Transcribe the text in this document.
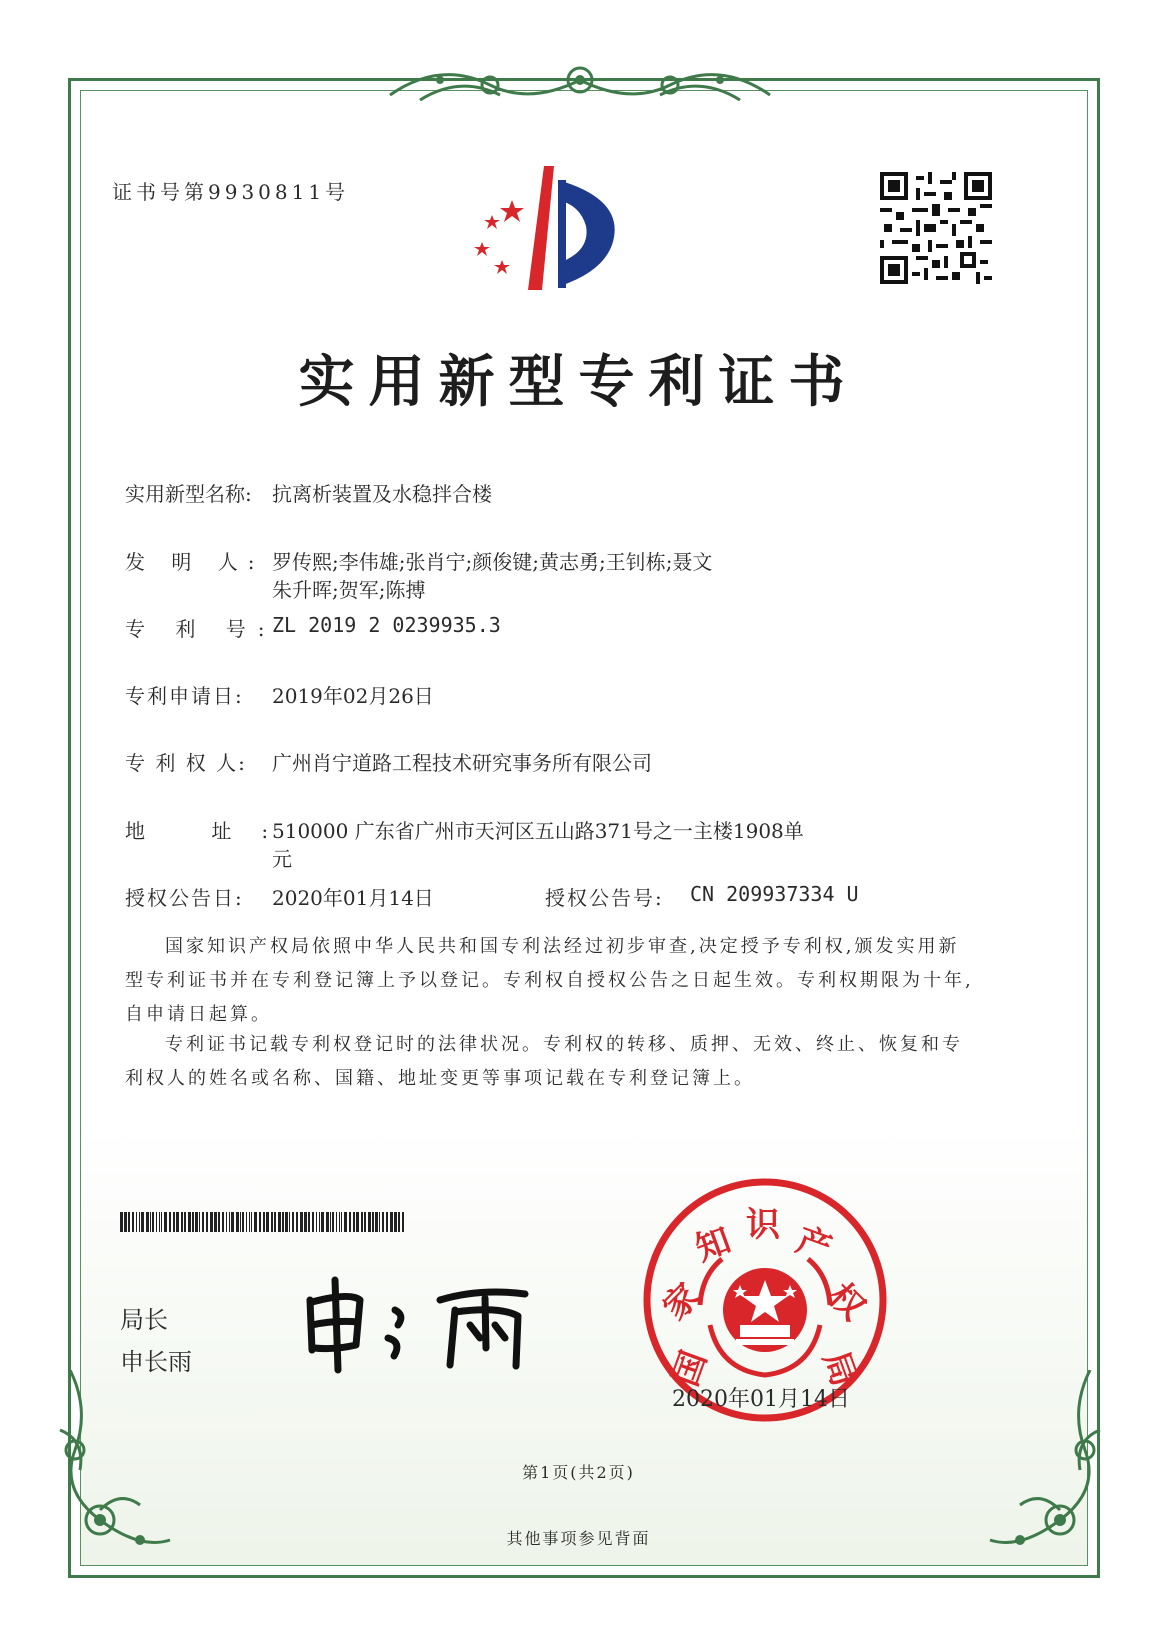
证书号第9930811号
实用新型专利证书
实用新型名称: 抗离析装置及水稳拌合楼
发 明 人: 罗传熙;李伟雄;张肖宁;颜俊键;黄志勇;王钊栋;聂文
朱升晖;贺军;陈搏
专 利 号:
ZL 2019 2 0239935.3
专利申请日: 2019年02月26日
专 利 权 人: 广州肖宁道路工程技术研究事务所有限公司
地 址:
510000 广东省广州市天河区五山路371号之一主楼1908单
元
授权公告日: 2020年01月14日	授权公告号: CN 209937334 U
国家知识产权局依照中华人民共和国专利法经过初步审查,决定授予专利权,颁发实用新型专利证书并在专利登记簿上予以登记。专利权自授权公告之日起生效。专利权期限为十年,自申请日起算。
专利证书记载专利权登记时的法律状况。专利权的转移、质押、无效、终止、恢复和专利权人的姓名或名称、国籍、地址变更等事项记载在专利登记簿上。
局长
申长雨	国
家
知 识 产
权
局
2020年01月14日
第1页(共2页)
其他事项参见背面
